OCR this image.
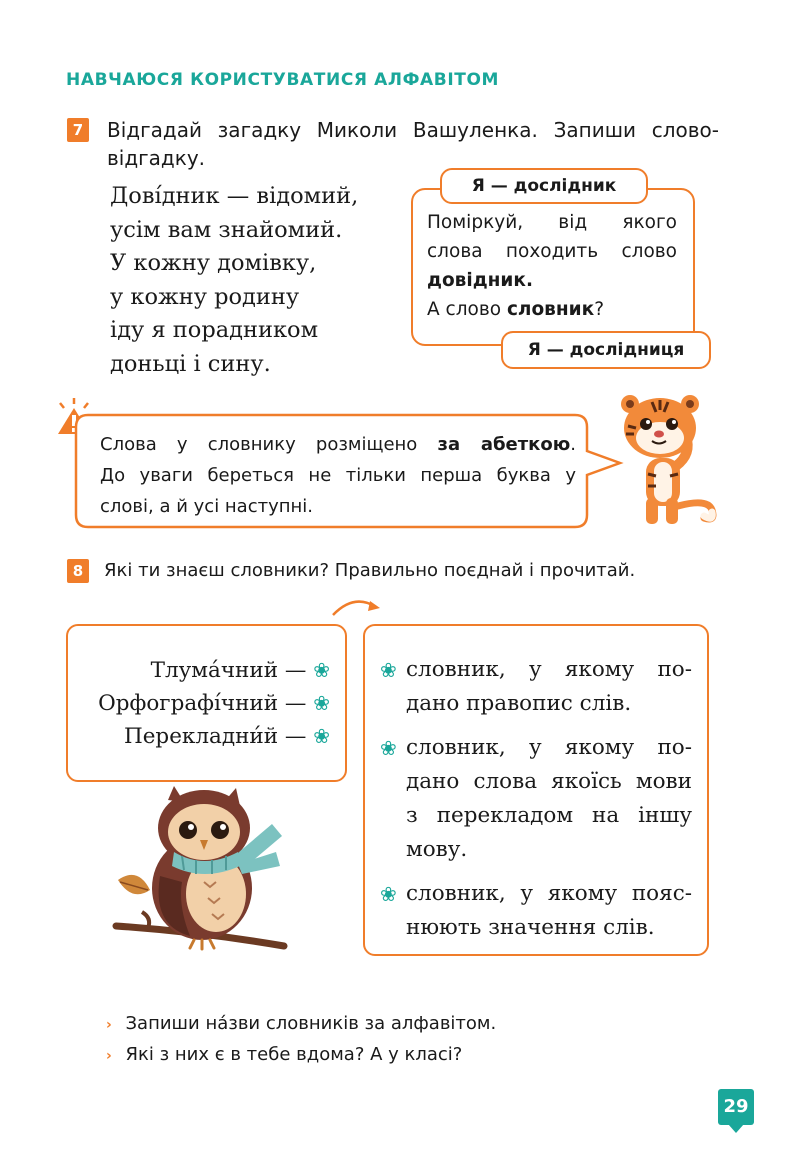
НАВЧАЮСЯ КОРИСТУВАТИСЯ АЛФАВІТОМ
7 Відгадай загадку Миколи Вашуленка. Запиши слово-
відгадку.
Дові́дник — відомий,
усім вам знайомий.
У кожну домівку,
у кожну родину
іду я порадником
доньці і сину.
Я — дослідник
Поміркуй, від якого
слова походить слово
довідник.
А слово словник?
Я — дослідниця
Слова у словнику розміщено за абеткою.
До уваги береться не тільки перша буква у
слові, а й усі наступні.
8	Які ти знаєш словники? Правильно поєднай і прочитай.
Тлума́чний — ❀
Орфографі́чний — ❀
Перекладни́й — ❀
❀ словник, у якому по-
дано правопис слів.
❀ словник, у якому по-
дано слова якоїсь мови
з перекладом на іншу
мову.
❀ словник, у якому пояс-
нюють значення слів.
› Запиши на́зви словників за алфавітом.
› Які з них є в тебе вдома? А у класі?
29
